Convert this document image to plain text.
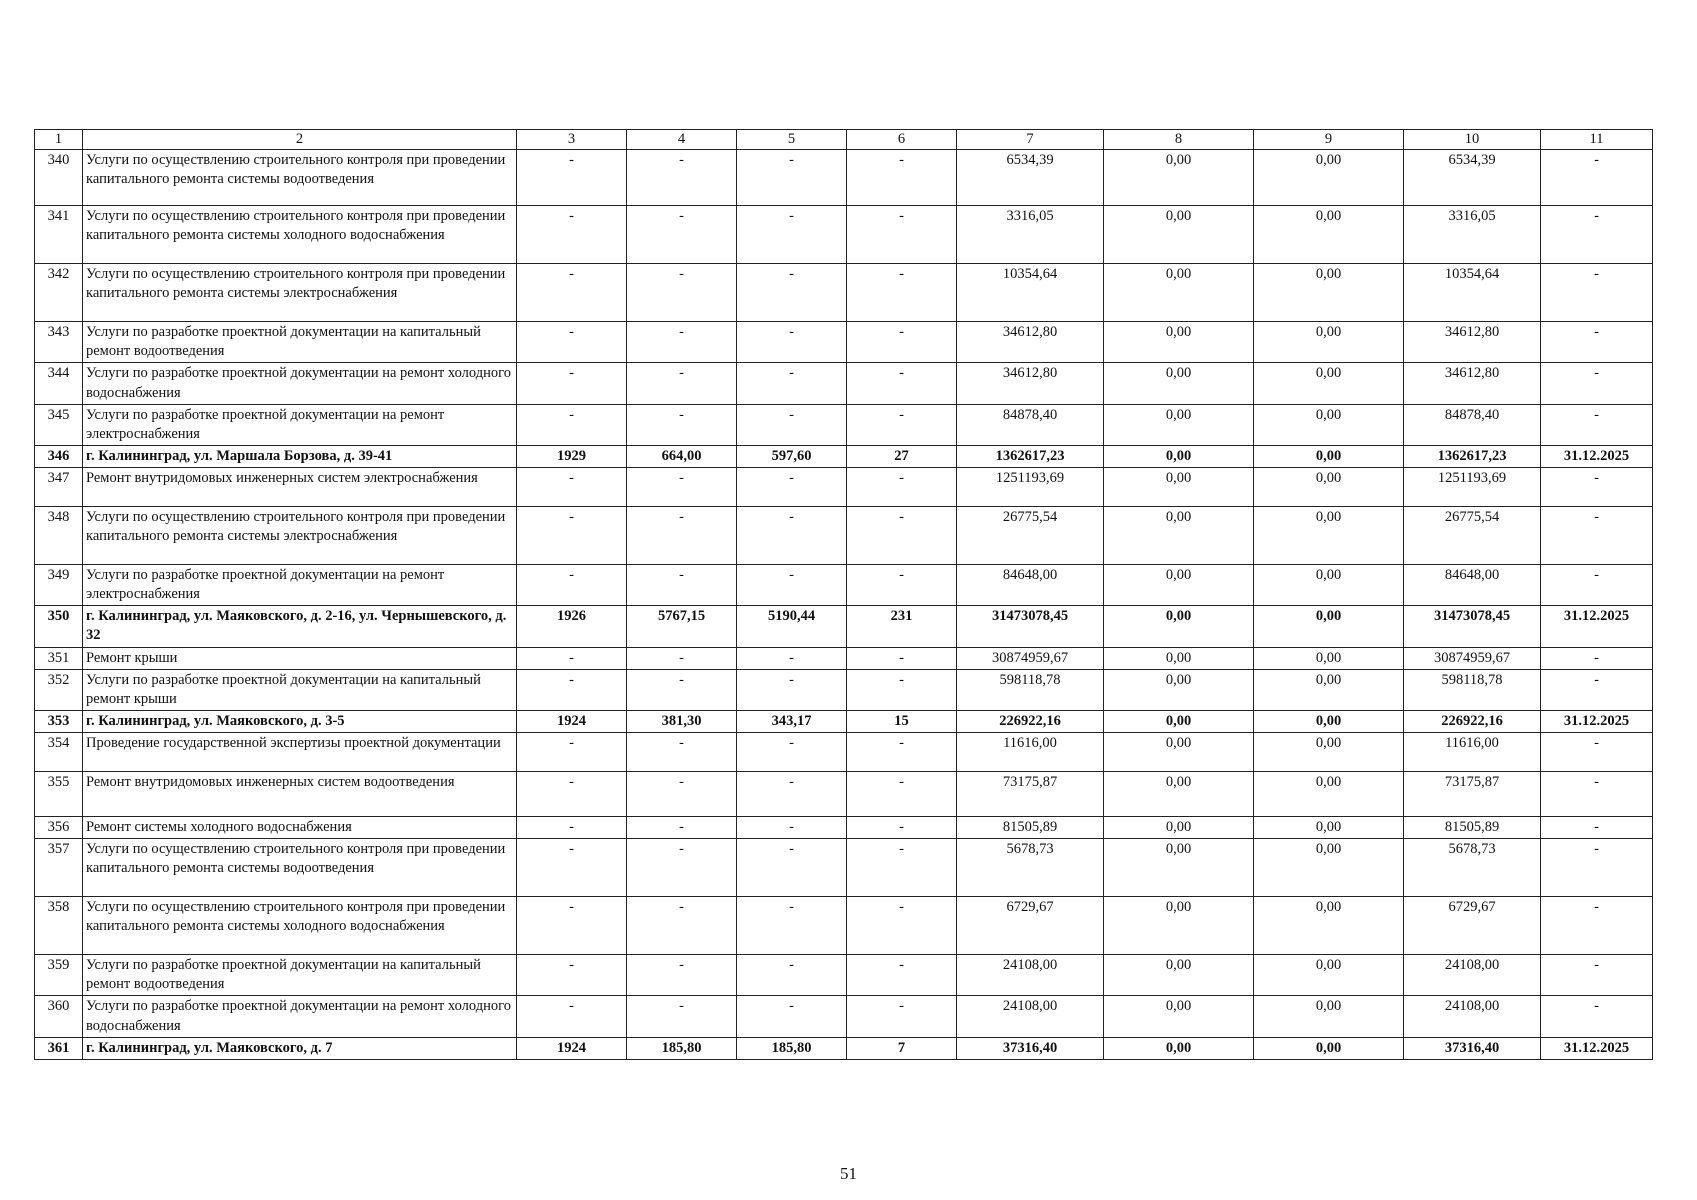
1	2	3	4	5	6	7	8	9	10	11
340	Услуги по осуществлению строительного контроля при проведении капитального ремонта системы водоотведения	-	-	-	-	6534,39	0,00	0,00	6534,39	-
341	Услуги по осуществлению строительного контроля при проведении капитального ремонта системы холодного водоснабжения	-	-	-	-	3316,05	0,00	0,00	3316,05	-
342	Услуги по осуществлению строительного контроля при проведении капитального ремонта системы электроснабжения	-	-	-	-	10354,64	0,00	0,00	10354,64	-
343	Услуги по разработке проектной документации на капитальный ремонт водоотведения	-	-	-	-	34612,80	0,00	0,00	34612,80	-
344	Услуги по разработке проектной документации на ремонт холодного водоснабжения	-	-	-	-	34612,80	0,00	0,00	34612,80	-
345	Услуги по разработке проектной документации на ремонт электроснабжения	-	-	-	-	84878,40	0,00	0,00	84878,40	-
346	г. Калининград, ул. Маршала Борзова, д. 39-41	1929	664,00	597,60	27	1362617,23	0,00	0,00	1362617,23	31.12.2025
347	Ремонт внутридомовых инженерных систем электроснабжения	-	-	-	-	1251193,69	0,00	0,00	1251193,69	-
348	Услуги по осуществлению строительного контроля при проведении капитального ремонта системы электроснабжения	-	-	-	-	26775,54	0,00	0,00	26775,54	-
349	Услуги по разработке проектной документации на ремонт электроснабжения	-	-	-	-	84648,00	0,00	0,00	84648,00	-
350	г. Калининград, ул. Маяковского, д. 2-16, ул. Чернышевского, д. 32	1926	5767,15	5190,44	231	31473078,45	0,00	0,00	31473078,45	31.12.2025
351	Ремонт крыши	-	-	-	-	30874959,67	0,00	0,00	30874959,67	-
352	Услуги по разработке проектной документации на капитальный ремонт крыши	-	-	-	-	598118,78	0,00	0,00	598118,78	-
353	г. Калининград, ул. Маяковского, д. 3-5	1924	381,30	343,17	15	226922,16	0,00	0,00	226922,16	31.12.2025
354	Проведение государственной экспертизы проектной документации	-	-	-	-	11616,00	0,00	0,00	11616,00	-
355	Ремонт внутридомовых инженерных систем водоотведения	-	-	-	-	73175,87	0,00	0,00	73175,87	-
356	Ремонт системы холодного водоснабжения	-	-	-	-	81505,89	0,00	0,00	81505,89	-
357	Услуги по осуществлению строительного контроля при проведении капитального ремонта системы водоотведения	-	-	-	-	5678,73	0,00	0,00	5678,73	-
358	Услуги по осуществлению строительного контроля при проведении капитального ремонта системы холодного водоснабжения	-	-	-	-	6729,67	0,00	0,00	6729,67	-
359	Услуги по разработке проектной документации на капитальный ремонт водоотведения	-	-	-	-	24108,00	0,00	0,00	24108,00	-
360	Услуги по разработке проектной документации на ремонт холодного водоснабжения	-	-	-	-	24108,00	0,00	0,00	24108,00	-
361	г. Калининград, ул. Маяковского, д. 7	1924	185,80	185,80	7	37316,40	0,00	0,00	37316,40	31.12.2025
51
